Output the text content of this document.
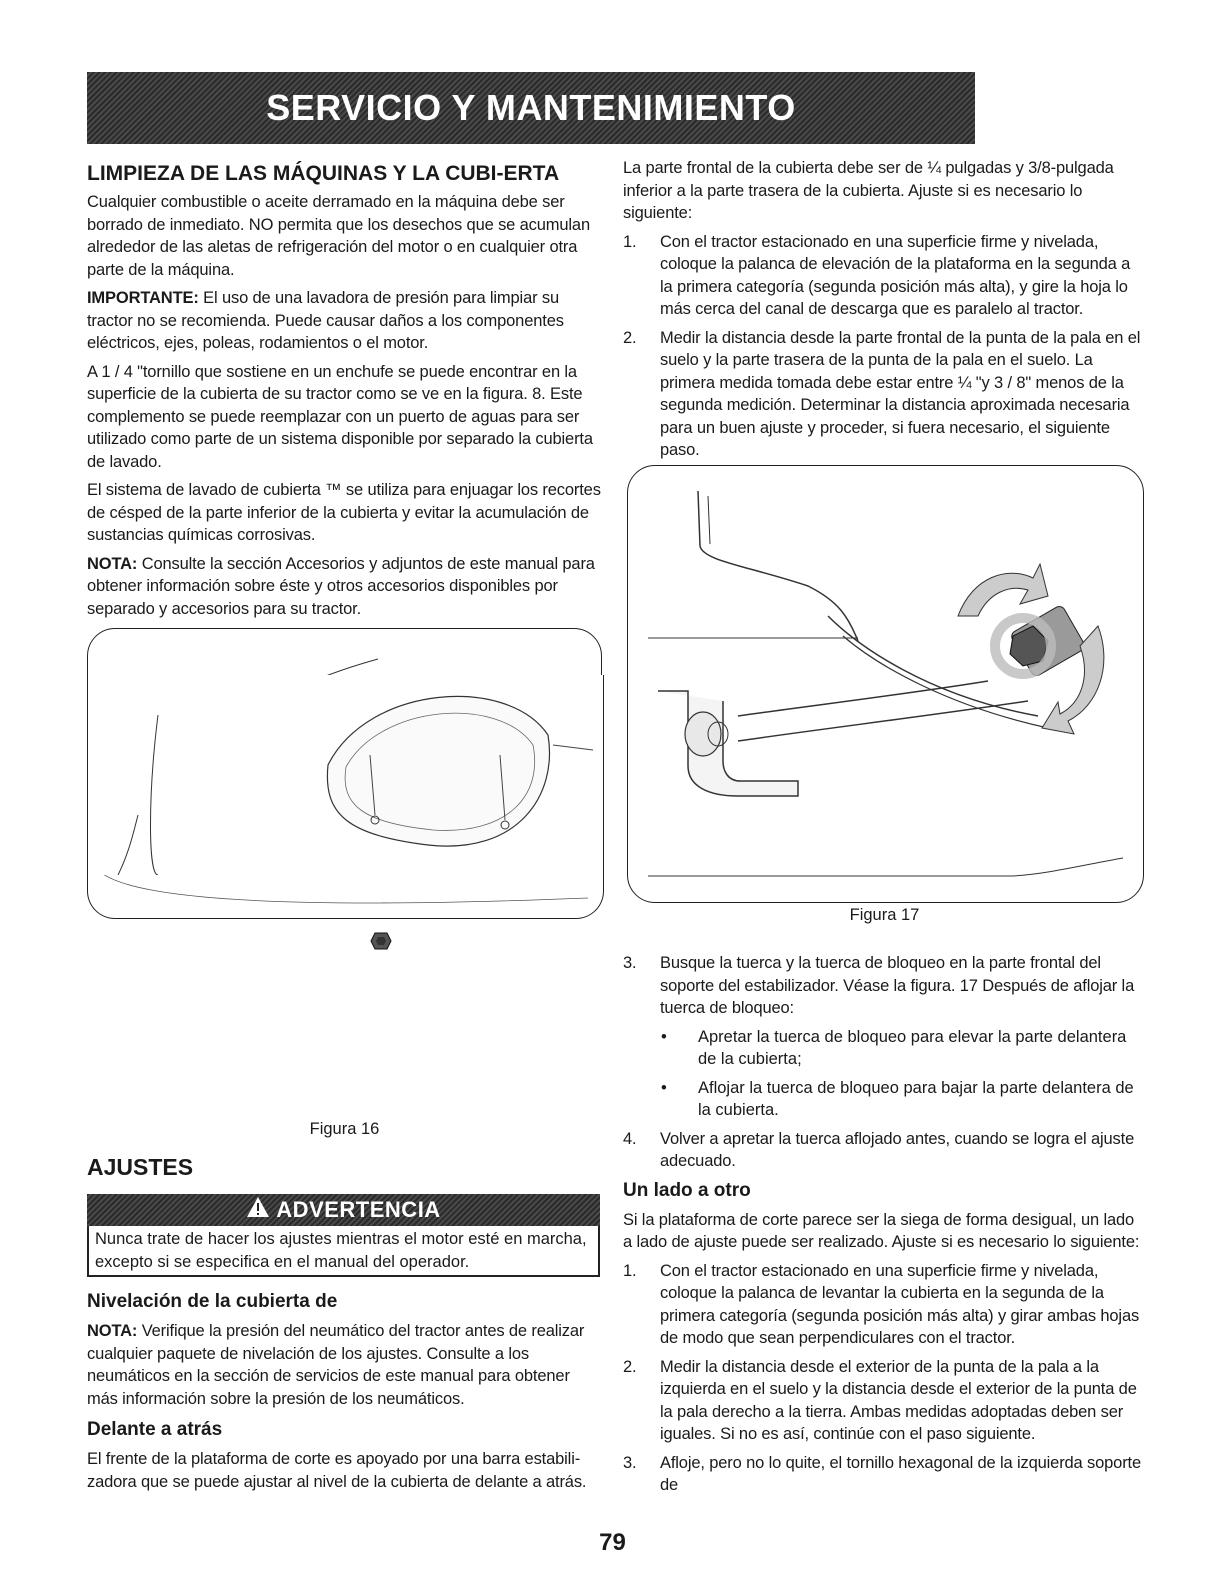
SERVICIO Y MANTENIMIENTO
LIMPIEZA DE LAS MÁQUINAS Y LA CUBI-ERTA

Cualquier combustible o aceite derramado en la máquina debe ser borrado de inmediato. NO permita que los desechos que se acumulan alrededor de las aletas de refrigeración del motor o en cualquier otra parte de la máquina.

IMPORTANTE: El uso de una lavadora de presión para limpiar su tractor no se recomienda. Puede causar daños a los componentes eléctricos, ejes, poleas, rodamientos o el motor.

A 1 / 4 "tornillo que sostiene en un enchufe se puede encontrar en la superficie de la cubierta de su tractor como se ve en la figura. 8. Este complemento se puede reemplazar con un puerto de aguas para ser utilizado como parte de un sistema disponible por separado la cubierta de lavado.

El sistema de lavado de cubierta ™ se utiliza para enjuagar los recortes de césped de la parte inferior de la cubierta y evitar la acumulación de sustancias químicas corrosivas.

NOTA: Consulte la sección Accesorios y adjuntos de este manual para obtener información sobre éste y otros accesorios disponibles por separado y accesorios para su tractor.

Figura 16
AJUSTES
ADVERTENCIA
Nunca trate de hacer los ajustes mientras el motor esté en marcha, excepto si se especifica en el manual del operador.
Nivelación de la cubierta de

NOTA: Verifique la presión del neumático del tractor antes de realizar cualquier paquete de nivelación de los ajustes. Consulte a los neumáticos en la sección de servicios de este manual para obtener más información sobre la presión de los neumáticos.

Delante a atrás

El frente de la plataforma de corte es apoyado por una barra estabili-zadora que se puede ajustar al nivel de la cubierta de delante a atrás.

La parte frontal de la cubierta debe ser de ¼ pulgadas y 3/8-pulgada inferior a la parte trasera de la cubierta. Ajuste si es necesario lo siguiente:

1. Con el tractor estacionado en una superficie firme y nivelada, coloque la palanca de elevación de la plataforma en la segunda a la primera categoría (segunda posición más alta), y gire la hoja lo más cerca del canal de descarga que es paralelo al tractor.
2. Medir la distancia desde la parte frontal de la punta de la pala en el suelo y la parte trasera de la punta de la pala en el suelo. La primera medida tomada debe estar entre ¼ "y 3 / 8" menos de la segunda medición. Determinar la distancia aproximada necesaria para un buen ajuste y proceder, si fuera necesario, el siguiente paso.
Figura 17
3. Busque la tuerca y la tuerca de bloqueo en la parte frontal del soporte del estabilizador. Véase la figura. 17 Después de aflojar la tuerca de bloqueo:
• Apretar la tuerca de bloqueo para elevar la parte delantera de la cubierta;
• Aflojar la tuerca de bloqueo para bajar la parte delantera de la cubierta.
4. Volver a apretar la tuerca aflojado antes, cuando se logra el ajuste adecuado.
Un lado a otro

Si la plataforma de corte parece ser la siega de forma desigual, un lado a lado de ajuste puede ser realizado. Ajuste si es necesario lo siguiente:

1. Con el tractor estacionado en una superficie firme y nivelada, coloque la palanca de levantar la cubierta en la segunda de la primera categoría (segunda posición más alta) y girar ambas hojas de modo que sean perpendiculares con el tractor.
2. Medir la distancia desde el exterior de la punta de la pala a la izquierda en el suelo y la distancia desde el exterior de la punta de la pala derecho a la tierra. Ambas medidas adoptadas deben ser iguales. Si no es así, continúe con el paso siguiente.
3. Afloje, pero no lo quite, el tornillo hexagonal de la izquierda soporte de
79
